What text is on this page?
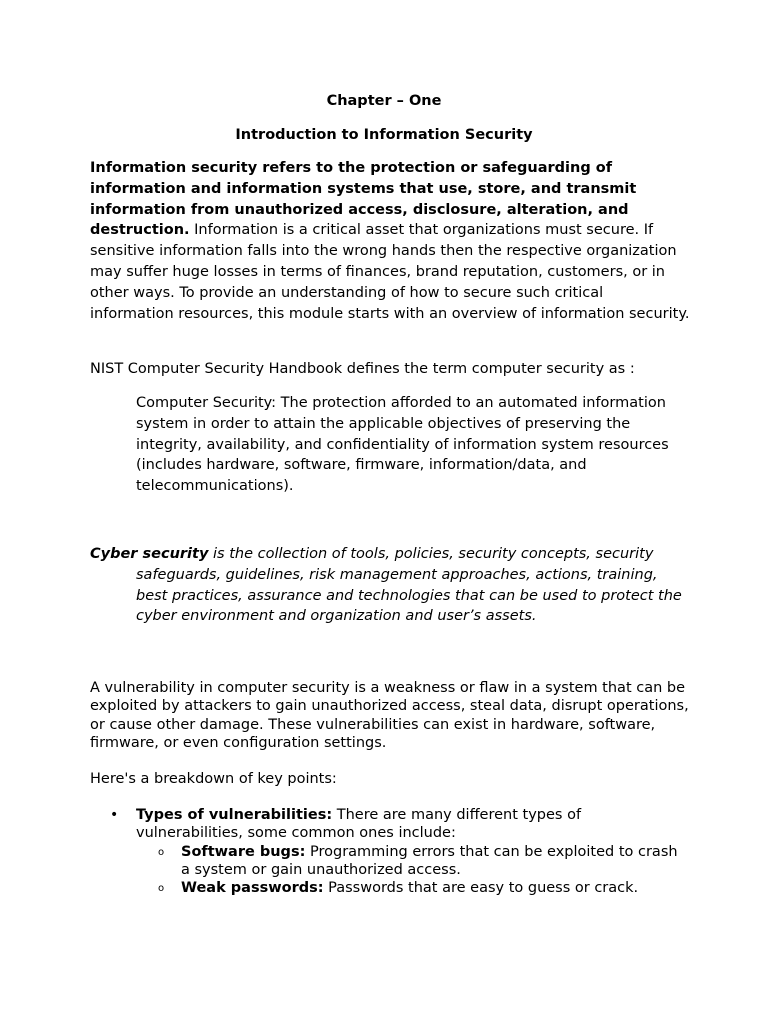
Chapter – One
Introduction to Information Security

Information security refers to the protection or safeguarding of information and information systems that use, store, and transmit information from unauthorized access, disclosure, alteration, and destruction. Information is a critical asset that organizations must secure. If sensitive information falls into the wrong hands then the respective organization may suffer huge losses in terms of finances, brand reputation, customers, or in other ways. To provide an understanding of how to secure such critical information resources, this module starts with an overview of information security.

NIST Computer Security Handbook defines the term computer security as :

Computer Security: The protection afforded to an automated information system in order to attain the applicable objectives of preserving the integrity, availability, and confidentiality of information system resources (includes hardware, software, firmware, information/data, and telecommunications).

Cyber security is the collection of tools, policies, security concepts, security safeguards, guidelines, risk management approaches, actions, training, best practices, assurance and technologies that can be used to protect the cyber environment and organization and user’s assets.

A vulnerability in computer security is a weakness or flaw in a system that can be exploited by attackers to gain unauthorized access, steal data, disrupt operations, or cause other damage. These vulnerabilities can exist in hardware, software, firmware, or even configuration settings.

Here's a breakdown of key points:

• Types of vulnerabilities: There are many different types of vulnerabilities, some common ones include:
o Software bugs: Programming errors that can be exploited to crash a system or gain unauthorized access.
o Weak passwords: Passwords that are easy to guess or crack.
